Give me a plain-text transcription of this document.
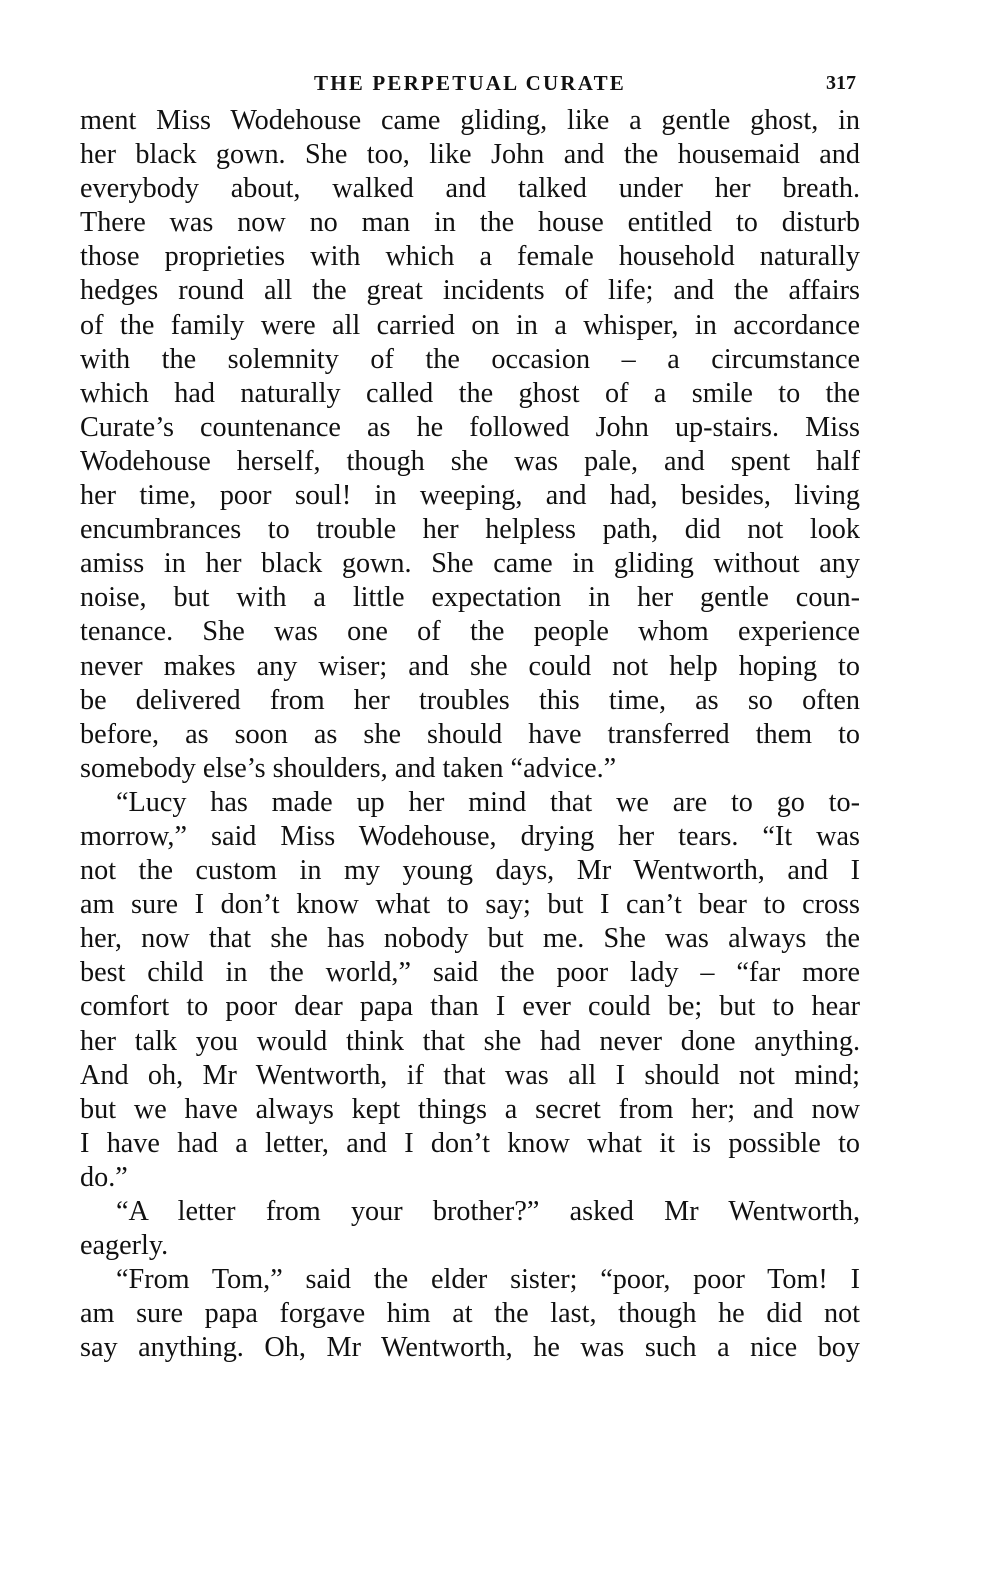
THE PERPETUAL CURATE	317
ment Miss Wodehouse came gliding, like a gentle ghost, in
her black gown. She too, like John and the housemaid and
everybody about, walked and talked under her breath.
There was now no man in the house entitled to disturb
those proprieties with which a female household naturally
hedges round all the great incidents of life; and the affairs
of the family were all carried on in a whisper, in accordance
with the solemnity of the occasion – a circumstance
which had naturally called the ghost of a smile to the
Curate’s countenance as he followed John up-stairs. Miss
Wodehouse herself, though she was pale, and spent half
her time, poor soul! in weeping, and had, besides, living
encumbrances to trouble her helpless path, did not look
amiss in her black gown. She came in gliding without any
noise, but with a little expectation in her gentle coun-
tenance. She was one of the people whom experience
never makes any wiser; and she could not help hoping to
be delivered from her troubles this time, as so often
before, as soon as she should have transferred them to
somebody else’s shoulders, and taken “advice.”
“Lucy has made up her mind that we are to go to-
morrow,” said Miss Wodehouse, drying her tears. “It was
not the custom in my young days, Mr Wentworth, and I
am sure I don’t know what to say; but I can’t bear to cross
her, now that she has nobody but me. She was always the
best child in the world,” said the poor lady – “far more
comfort to poor dear papa than I ever could be; but to hear
her talk you would think that she had never done anything.
And oh, Mr Wentworth, if that was all I should not mind;
but we have always kept things a secret from her; and now
I have had a letter, and I don’t know what it is possible to
do.”
“A letter from your brother?” asked Mr Wentworth,
eagerly.
“From Tom,” said the elder sister; “poor, poor Tom! I
am sure papa forgave him at the last, though he did not
say anything. Oh, Mr Wentworth, he was such a nice boy
